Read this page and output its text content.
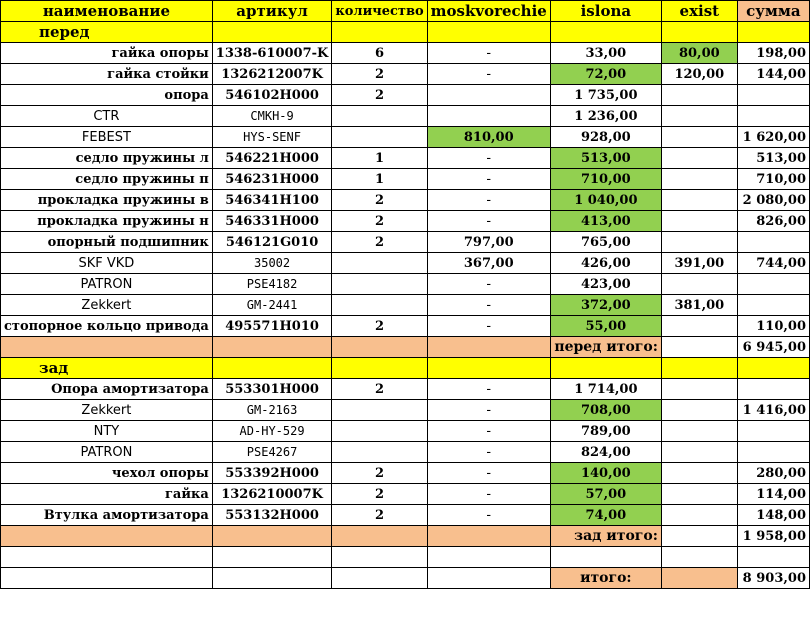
наименование	артикул	количество	moskvorechie	islona	exist	сумма
перед						
гайка опоры	1338-610007-K	6	-	33,00	80,00	198,00
гайка стойки	1326212007K	2	-	72,00	120,00	144,00
опора	546102H000	2		1 735,00		
CTR	CMKH-9			1 236,00		
FEBEST	HYS-SENF		810,00	928,00		1 620,00
седло пружины л	546221H000	1	-	513,00		513,00
седло пружины п	546231H000	1	-	710,00		710,00
прокладка пружины в	546341H100	2	-	1 040,00		2 080,00
прокладка пружины н	546331H000	2	-	413,00		826,00
опорный подшипник	546121G010	2	797,00	765,00		
SKF VKD	35002		367,00	426,00	391,00	744,00
PATRON	PSE4182		-	423,00		
Zekkert	GM-2441		-	372,00	381,00	
стопорное кольцо привода	495571H010	2	-	55,00		110,00
				перед итого:		6 945,00
зад						
Опора амортизатора	553301H000	2	-	1 714,00		
Zekkert	GM-2163		-	708,00		1 416,00
NTY	AD-HY-529		-	789,00		
PATRON	PSE4267		-	824,00		
чехол опоры	553392H000	2	-	140,00		280,00
гайка	1326210007K	2	-	57,00		114,00
Втулка амортизатора	553132H000	2	-	74,00		148,00
				зад итого:		1 958,00

				итого:		8 903,00
